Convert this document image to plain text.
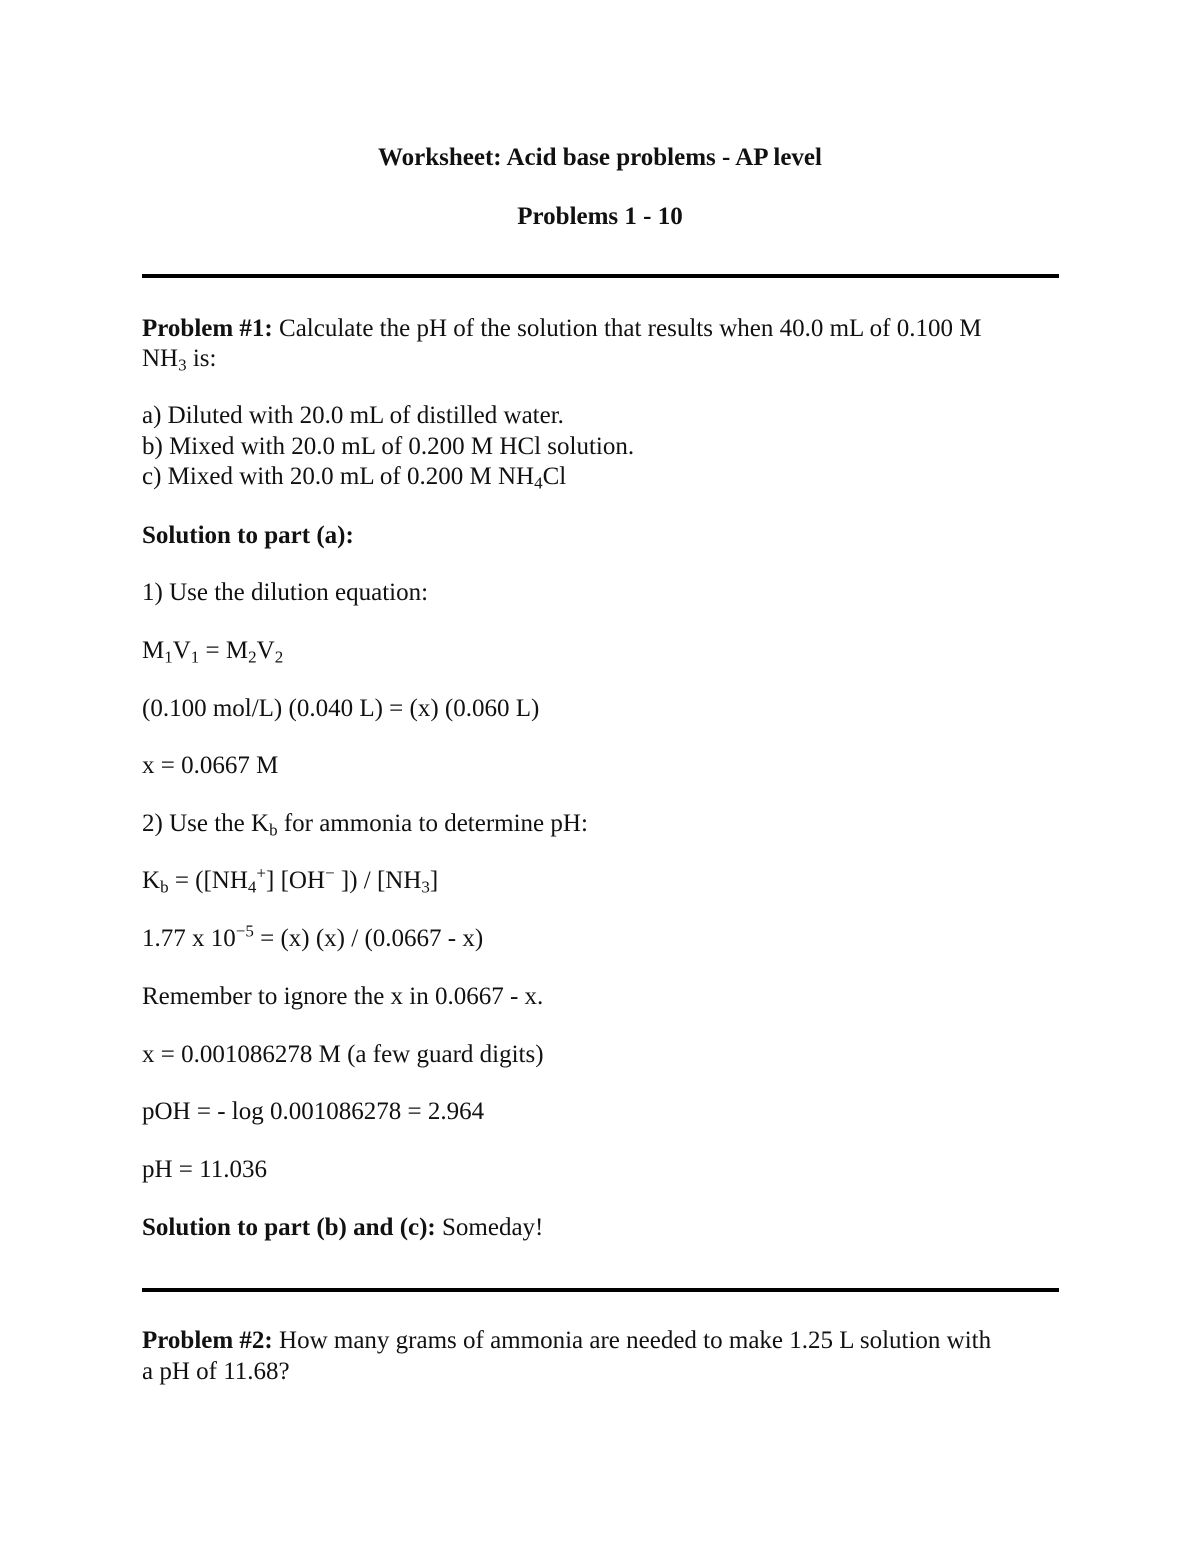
Worksheet: Acid base problems - AP level
Problems 1 - 10
Problem #1: Calculate the pH of the solution that results when 40.0 mL of 0.100 M
$NH_3$ is:
a) Diluted with 20.0 mL of distilled water.
b) Mixed with 20.0 mL of 0.200 M HCl solution.
c) Mixed with 20.0 mL of 0.200 M $NH_4Cl$
Solution to part (a):
1) Use the dilution equation:
$M_1V_1 = M_2V_2$
(0.100 mol/L) (0.040 L) = (x) (0.060 L)
x = 0.0667 M
2) Use the $K_b$ for ammonia to determine pH:
$K_b = ([NH_4^+]$ [OH− ]) / $[NH_3]$
1.77 x $10^{-5} = (x)$ (x) / (0.0667 - x)
Remember to ignore the x in 0.0667 - x.
x = 0.001086278 M (a few guard digits)
pOH = - log 0.001086278 = 2.964
pH = 11.036
Solution to part (b) and (c): Someday!
Problem #2: How many grams of ammonia are needed to make 1.25 L solution with
a pH of 11.68?
